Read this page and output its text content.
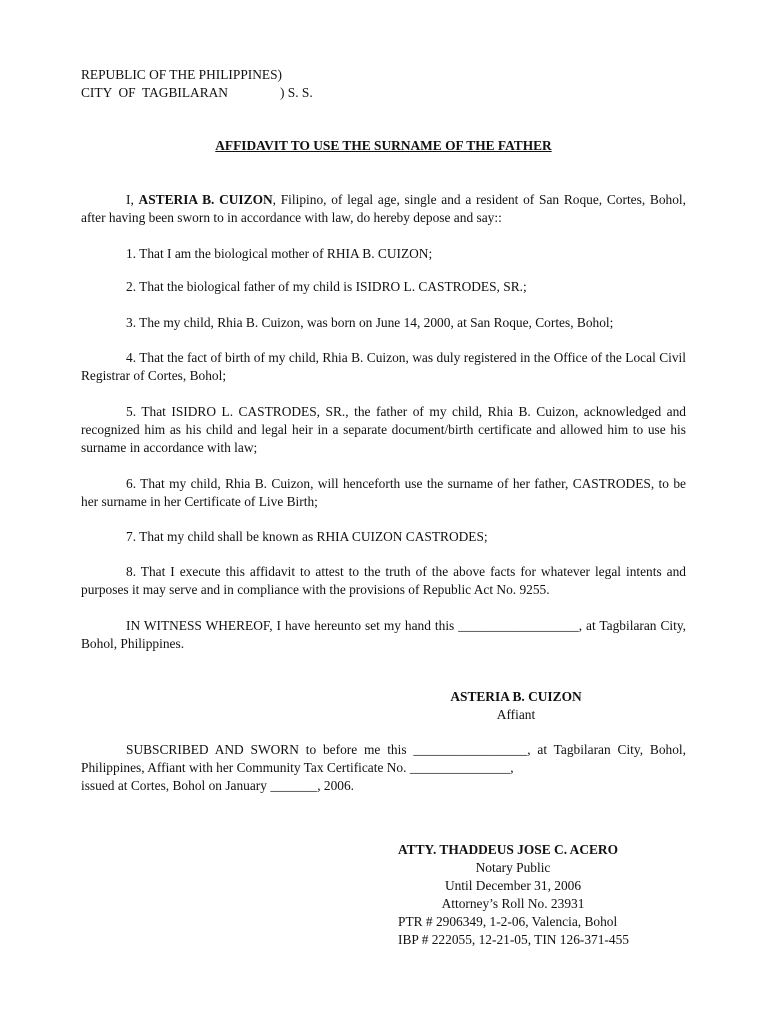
REPUBLIC OF THE PHILIPPINES)
CITY  OF  TAGBILARAN	) S. S.
AFFIDAVIT TO USE THE SURNAME OF THE FATHER

I, ASTERIA B. CUIZON, Filipino, of legal age, single and a resident of San Roque, Cortes, Bohol, after having been sworn to in accordance with law, do hereby depose and say::

1. That I am the biological mother of RHIA B. CUIZON;

2. That the biological father of my child is ISIDRO L. CASTRODES, SR.;

3. The my child, Rhia B. Cuizon, was born on June 14, 2000, at San Roque, Cortes, Bohol;

4. That the fact of birth of my child, Rhia B. Cuizon, was duly registered in the Office of the Local Civil Registrar of Cortes, Bohol;

5. That ISIDRO L. CASTRODES, SR., the father of my child, Rhia B. Cuizon, acknowledged and recognized him as his child and legal heir in a separate document/birth certificate and allowed him to use his surname in accordance with law;

6. That my child, Rhia B. Cuizon, will henceforth use the surname of her father, CASTRODES, to be her surname in her Certificate of Live Birth;

7. That my child shall be known as RHIA CUIZON CASTRODES;

8. That I execute this affidavit to attest to the truth of the above facts for whatever legal intents and purposes it may serve and in compliance with the provisions of Republic Act No. 9255.

IN WITNESS WHEREOF, I have hereunto set my hand this __________________, at Tagbilaran City, Bohol, Philippines.

ASTERIA B. CUIZON
Affiant

SUBSCRIBED AND SWORN to before me this _________________, at Tagbilaran City, Bohol, Philippines, Affiant with her Community Tax Certificate No. _______________,

issued at Cortes, Bohol on January _______, 2006.

ATTY. THADDEUS JOSE C. ACERO
Notary Public
Until December 31, 2006
Attorney’s Roll No. 23931
PTR # 2906349, 1-2-06, Valencia, Bohol
IBP # 222055, 12-21-05, TIN 126-371-455
